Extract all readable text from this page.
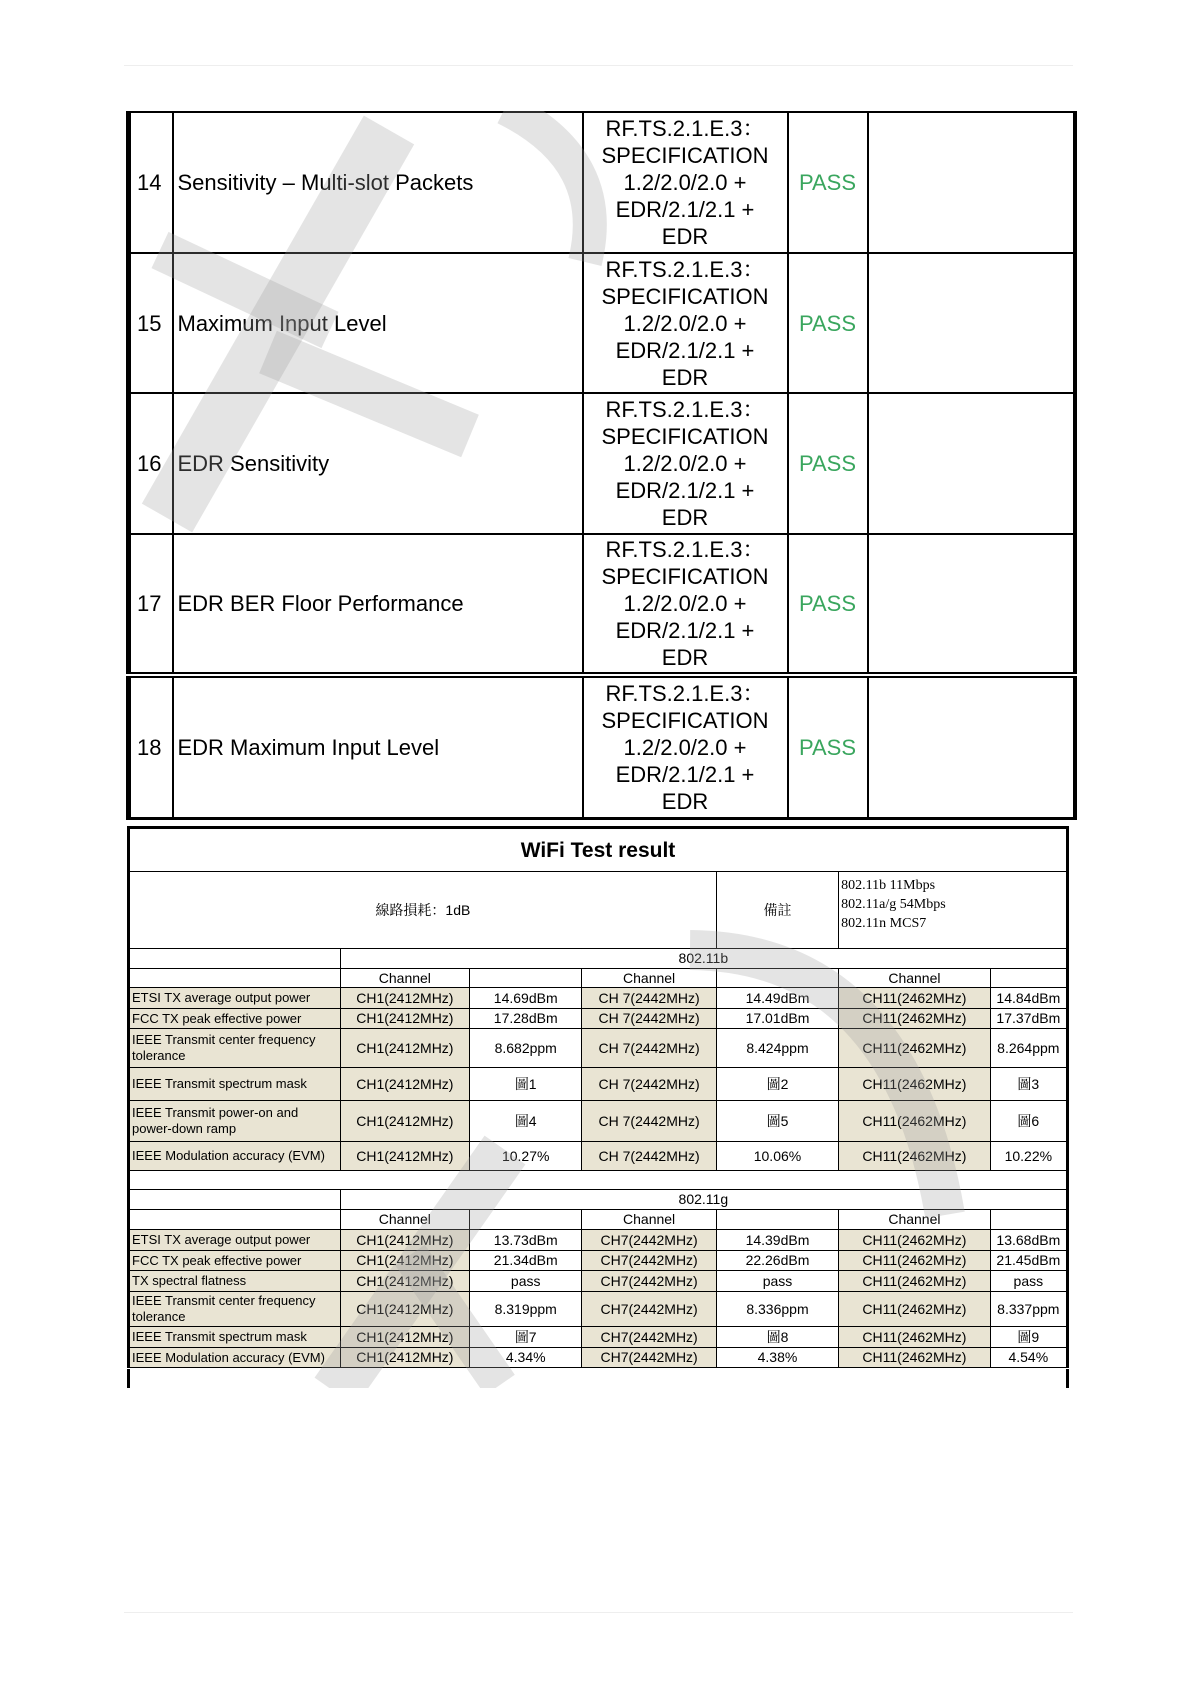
14	Sensitivity – Multi-slot Packets	RF.TS.2.1.E.3：
SPECIFICATION
1.2/2.0/2.0 +
EDR/2.1/2.1 +
EDR	PASS	
15	Maximum Input Level	RF.TS.2.1.E.3：
SPECIFICATION
1.2/2.0/2.0 +
EDR/2.1/2.1 +
EDR	PASS	
16	EDR Sensitivity	RF.TS.2.1.E.3：
SPECIFICATION
1.2/2.0/2.0 +
EDR/2.1/2.1 +
EDR	PASS	
17	EDR BER Floor Performance	RF.TS.2.1.E.3：
SPECIFICATION
1.2/2.0/2.0 +
EDR/2.1/2.1 +
EDR	PASS	
18	EDR Maximum Input Level	RF.TS.2.1.E.3：
SPECIFICATION
1.2/2.0/2.0 +
EDR/2.1/2.1 +
EDR	PASS	
WiFi Test result						
線路損耗：1dB				備註	802.11b 11Mbps
802.11a/g 54Mbps
802.11n MCS7	

	802.11b					
	Channel		Channel		Channel	
ETSI TX average output power	CH1(2412MHz)	14.69dBm	CH 7(2442MHz)	14.49dBm	CH11(2462MHz)	14.84dBm
FCC TX peak effective power	CH1(2412MHz)	17.28dBm	CH 7(2442MHz)	17.01dBm	CH11(2462MHz)	17.37dBm
IEEE Transmit center frequency tolerance	CH1(2412MHz)	8.682ppm	CH 7(2442MHz)	8.424ppm	CH11(2462MHz)	8.264ppm
IEEE Transmit spectrum mask	CH1(2412MHz)	圖1	CH 7(2442MHz)	圖2	CH11(2462MHz)	圖3
IEEE Transmit power-on and power-down ramp	CH1(2412MHz)	圖4	CH 7(2442MHz)	圖5	CH11(2462MHz)	圖6
IEEE Modulation accuracy (EVM)	CH1(2412MHz)	10.27%	CH 7(2442MHz)	10.06%	CH11(2462MHz)	10.22%

	802.11g					
	Channel		Channel		Channel	
ETSI TX average output power	CH1(2412MHz)	13.73dBm	CH7(2442MHz)	14.39dBm	CH11(2462MHz)	13.68dBm
FCC TX peak effective power	CH1(2412MHz)	21.34dBm	CH7(2442MHz)	22.26dBm	CH11(2462MHz)	21.45dBm
TX spectral flatness	CH1(2412MHz)	pass	CH7(2442MHz)	pass	CH11(2462MHz)	pass
IEEE Transmit center frequency tolerance	CH1(2412MHz)	8.319ppm	CH7(2442MHz)	8.336ppm	CH11(2462MHz)	8.337ppm
IEEE Transmit spectrum mask	CH1(2412MHz)	圖7	CH7(2442MHz)	圖8	CH11(2462MHz)	圖9
IEEE Modulation accuracy (EVM)	CH1(2412MHz)	4.34%	CH7(2442MHz)	4.38%	CH11(2462MHz)	4.54%
